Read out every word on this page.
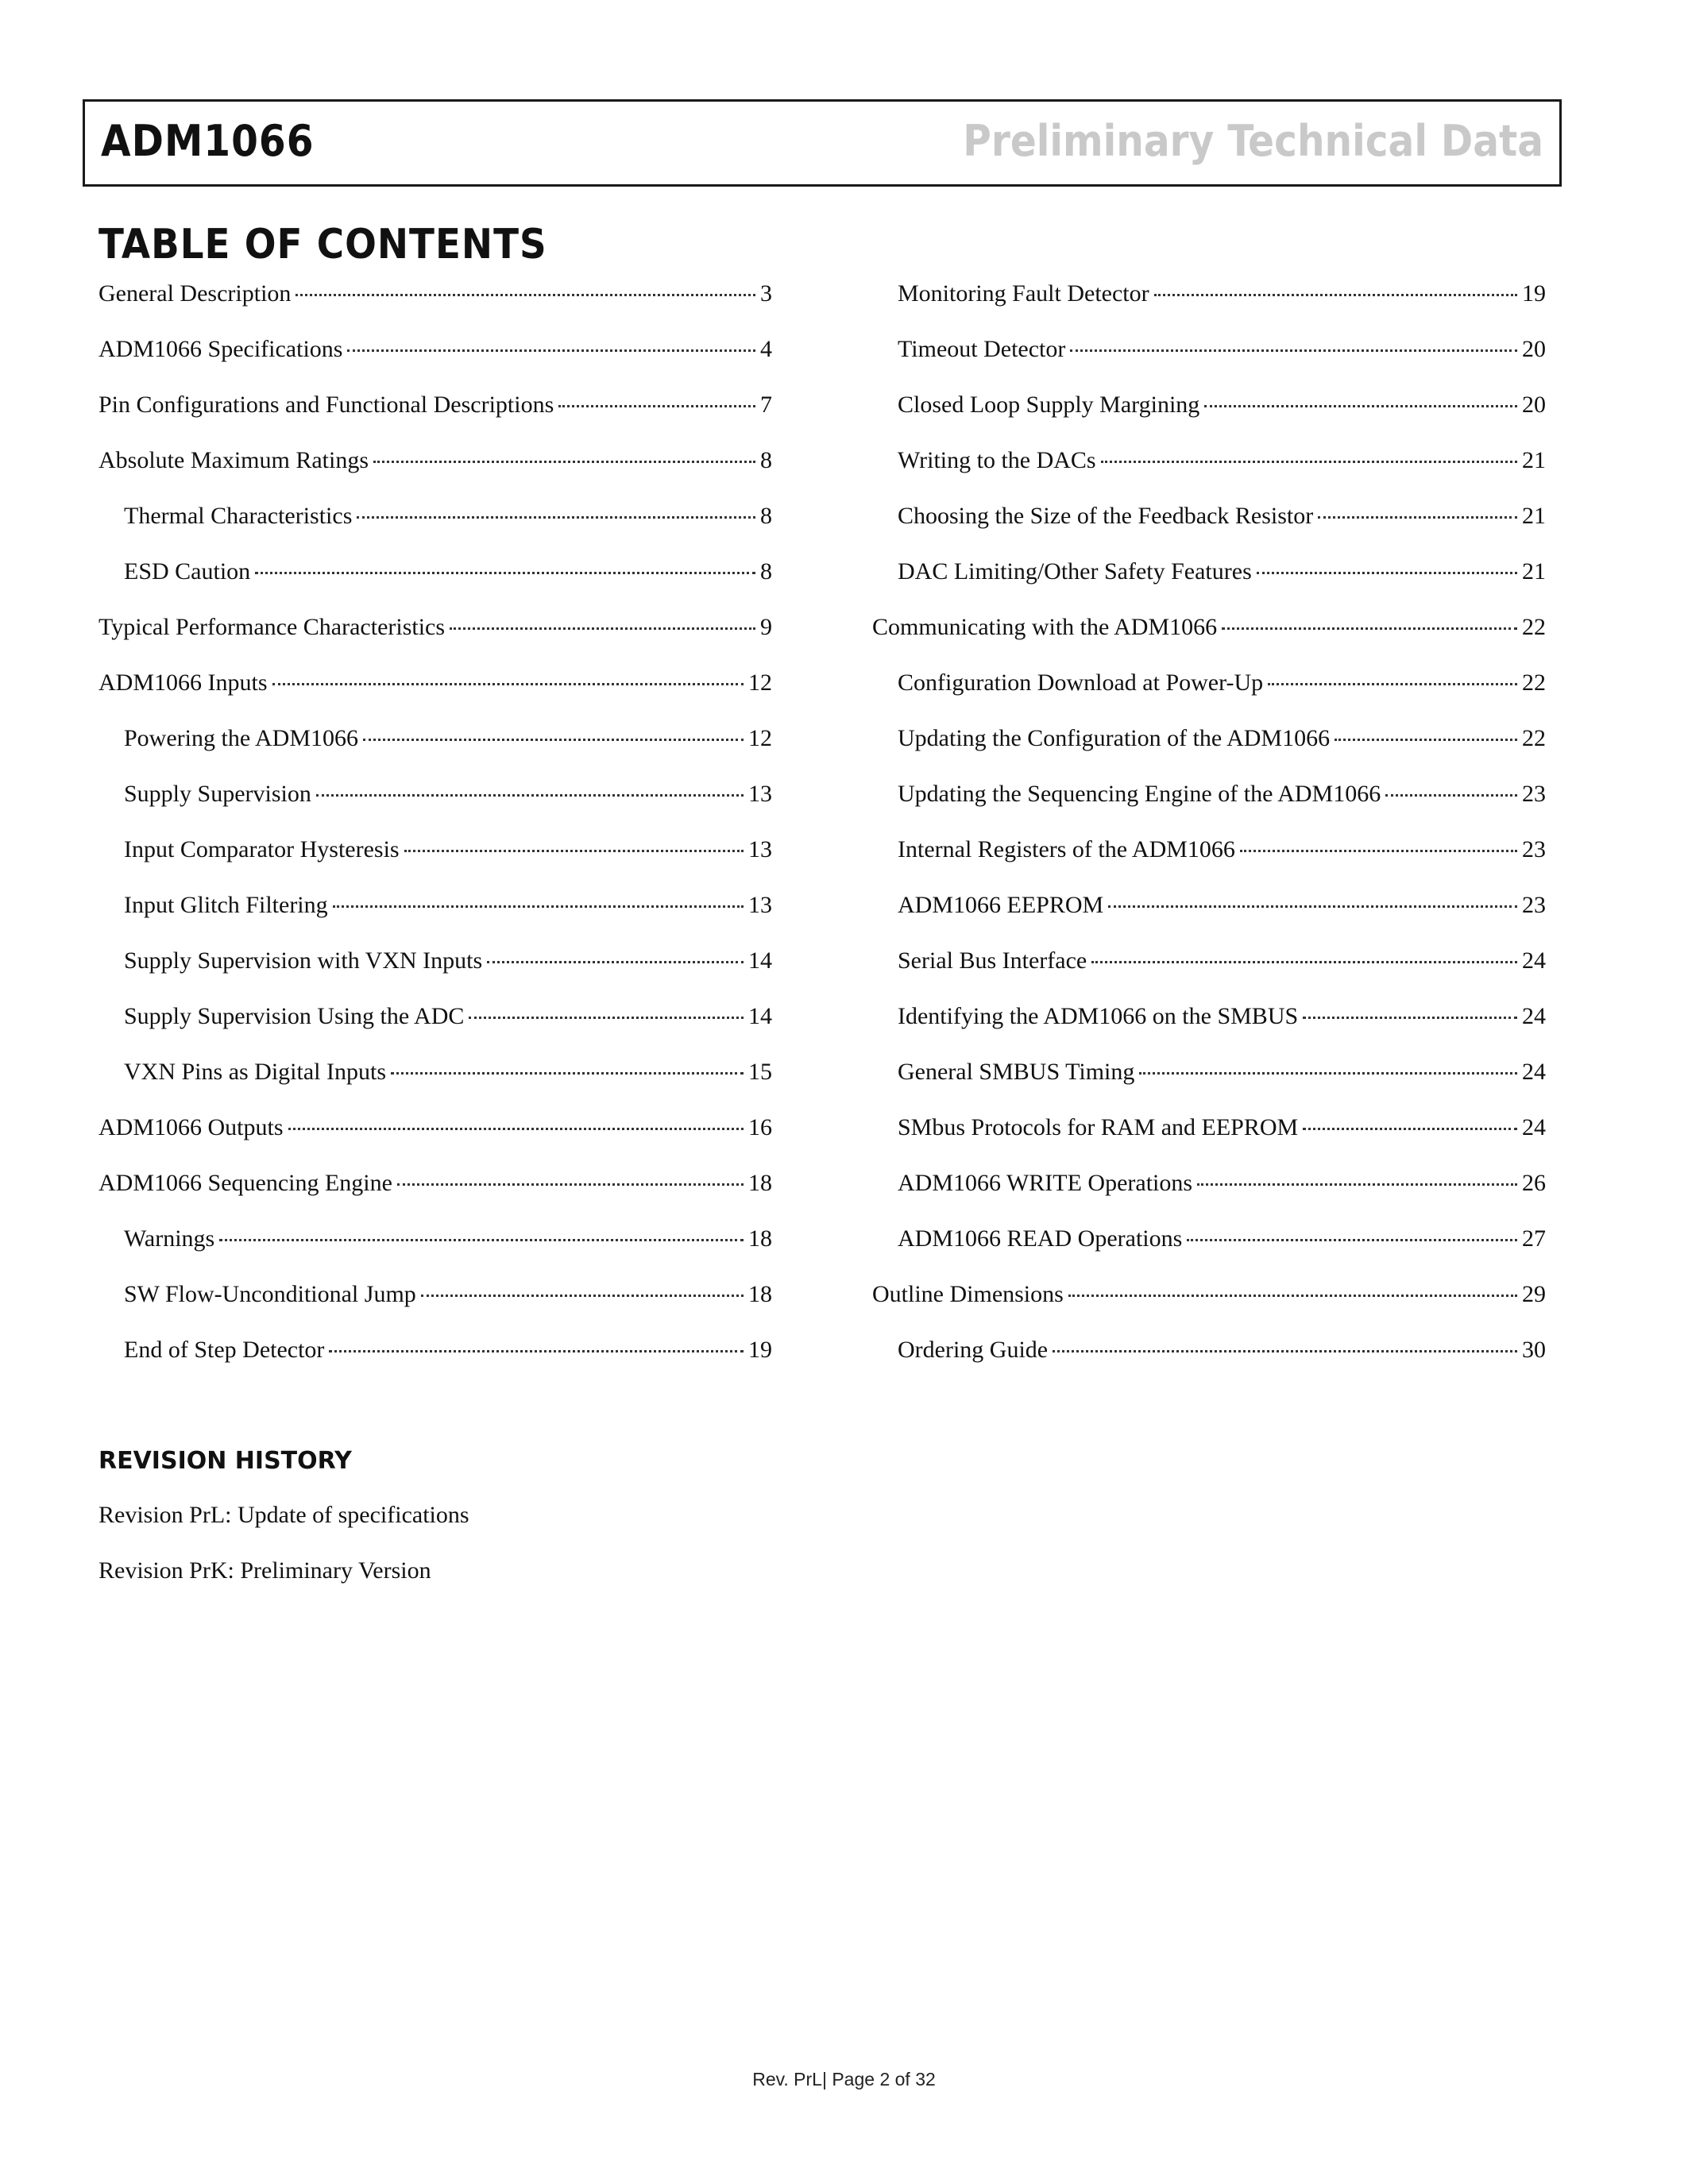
ADM1066	Preliminary Technical Data
TABLE OF CONTENTS
General Description	3
ADM1066 Specifications	4
Pin Configurations and Functional Descriptions	7
Absolute Maximum Ratings	8
Thermal Characteristics	8
ESD Caution	8
Typical Performance Characteristics	9
ADM1066 Inputs	12
Powering the ADM1066	12
Supply Supervision	13
Input Comparator Hysteresis	13
Input Glitch Filtering	13
Supply Supervision with VXN Inputs	14
Supply Supervision Using the ADC	14
VXN Pins as Digital Inputs	15
ADM1066 Outputs	16
ADM1066 Sequencing Engine	18
Warnings	18
SW Flow-Unconditional Jump	18
End of Step Detector	19
Monitoring Fault Detector	19
Timeout Detector	20
Closed Loop Supply Margining	20
Writing to the DACs	21
Choosing the Size of the Feedback Resistor	21
DAC Limiting/Other Safety Features	21
Communicating with the ADM1066	22
Configuration Download at Power-Up	22
Updating the Configuration of the ADM1066	22
Updating the Sequencing Engine of the ADM1066	23
Internal Registers of the ADM1066	23
ADM1066 EEPROM	23
Serial Bus Interface	24
Identifying the ADM1066 on the SMBUS	24
General SMBUS Timing	24
SMbus Protocols for RAM and EEPROM	24
ADM1066 WRITE Operations	26
ADM1066 READ Operations	27
Outline Dimensions	29
Ordering Guide	30
REVISION HISTORY
Revision PrL: Update of specifications
Revision PrK: Preliminary Version
Rev. PrL| Page 2 of 32
